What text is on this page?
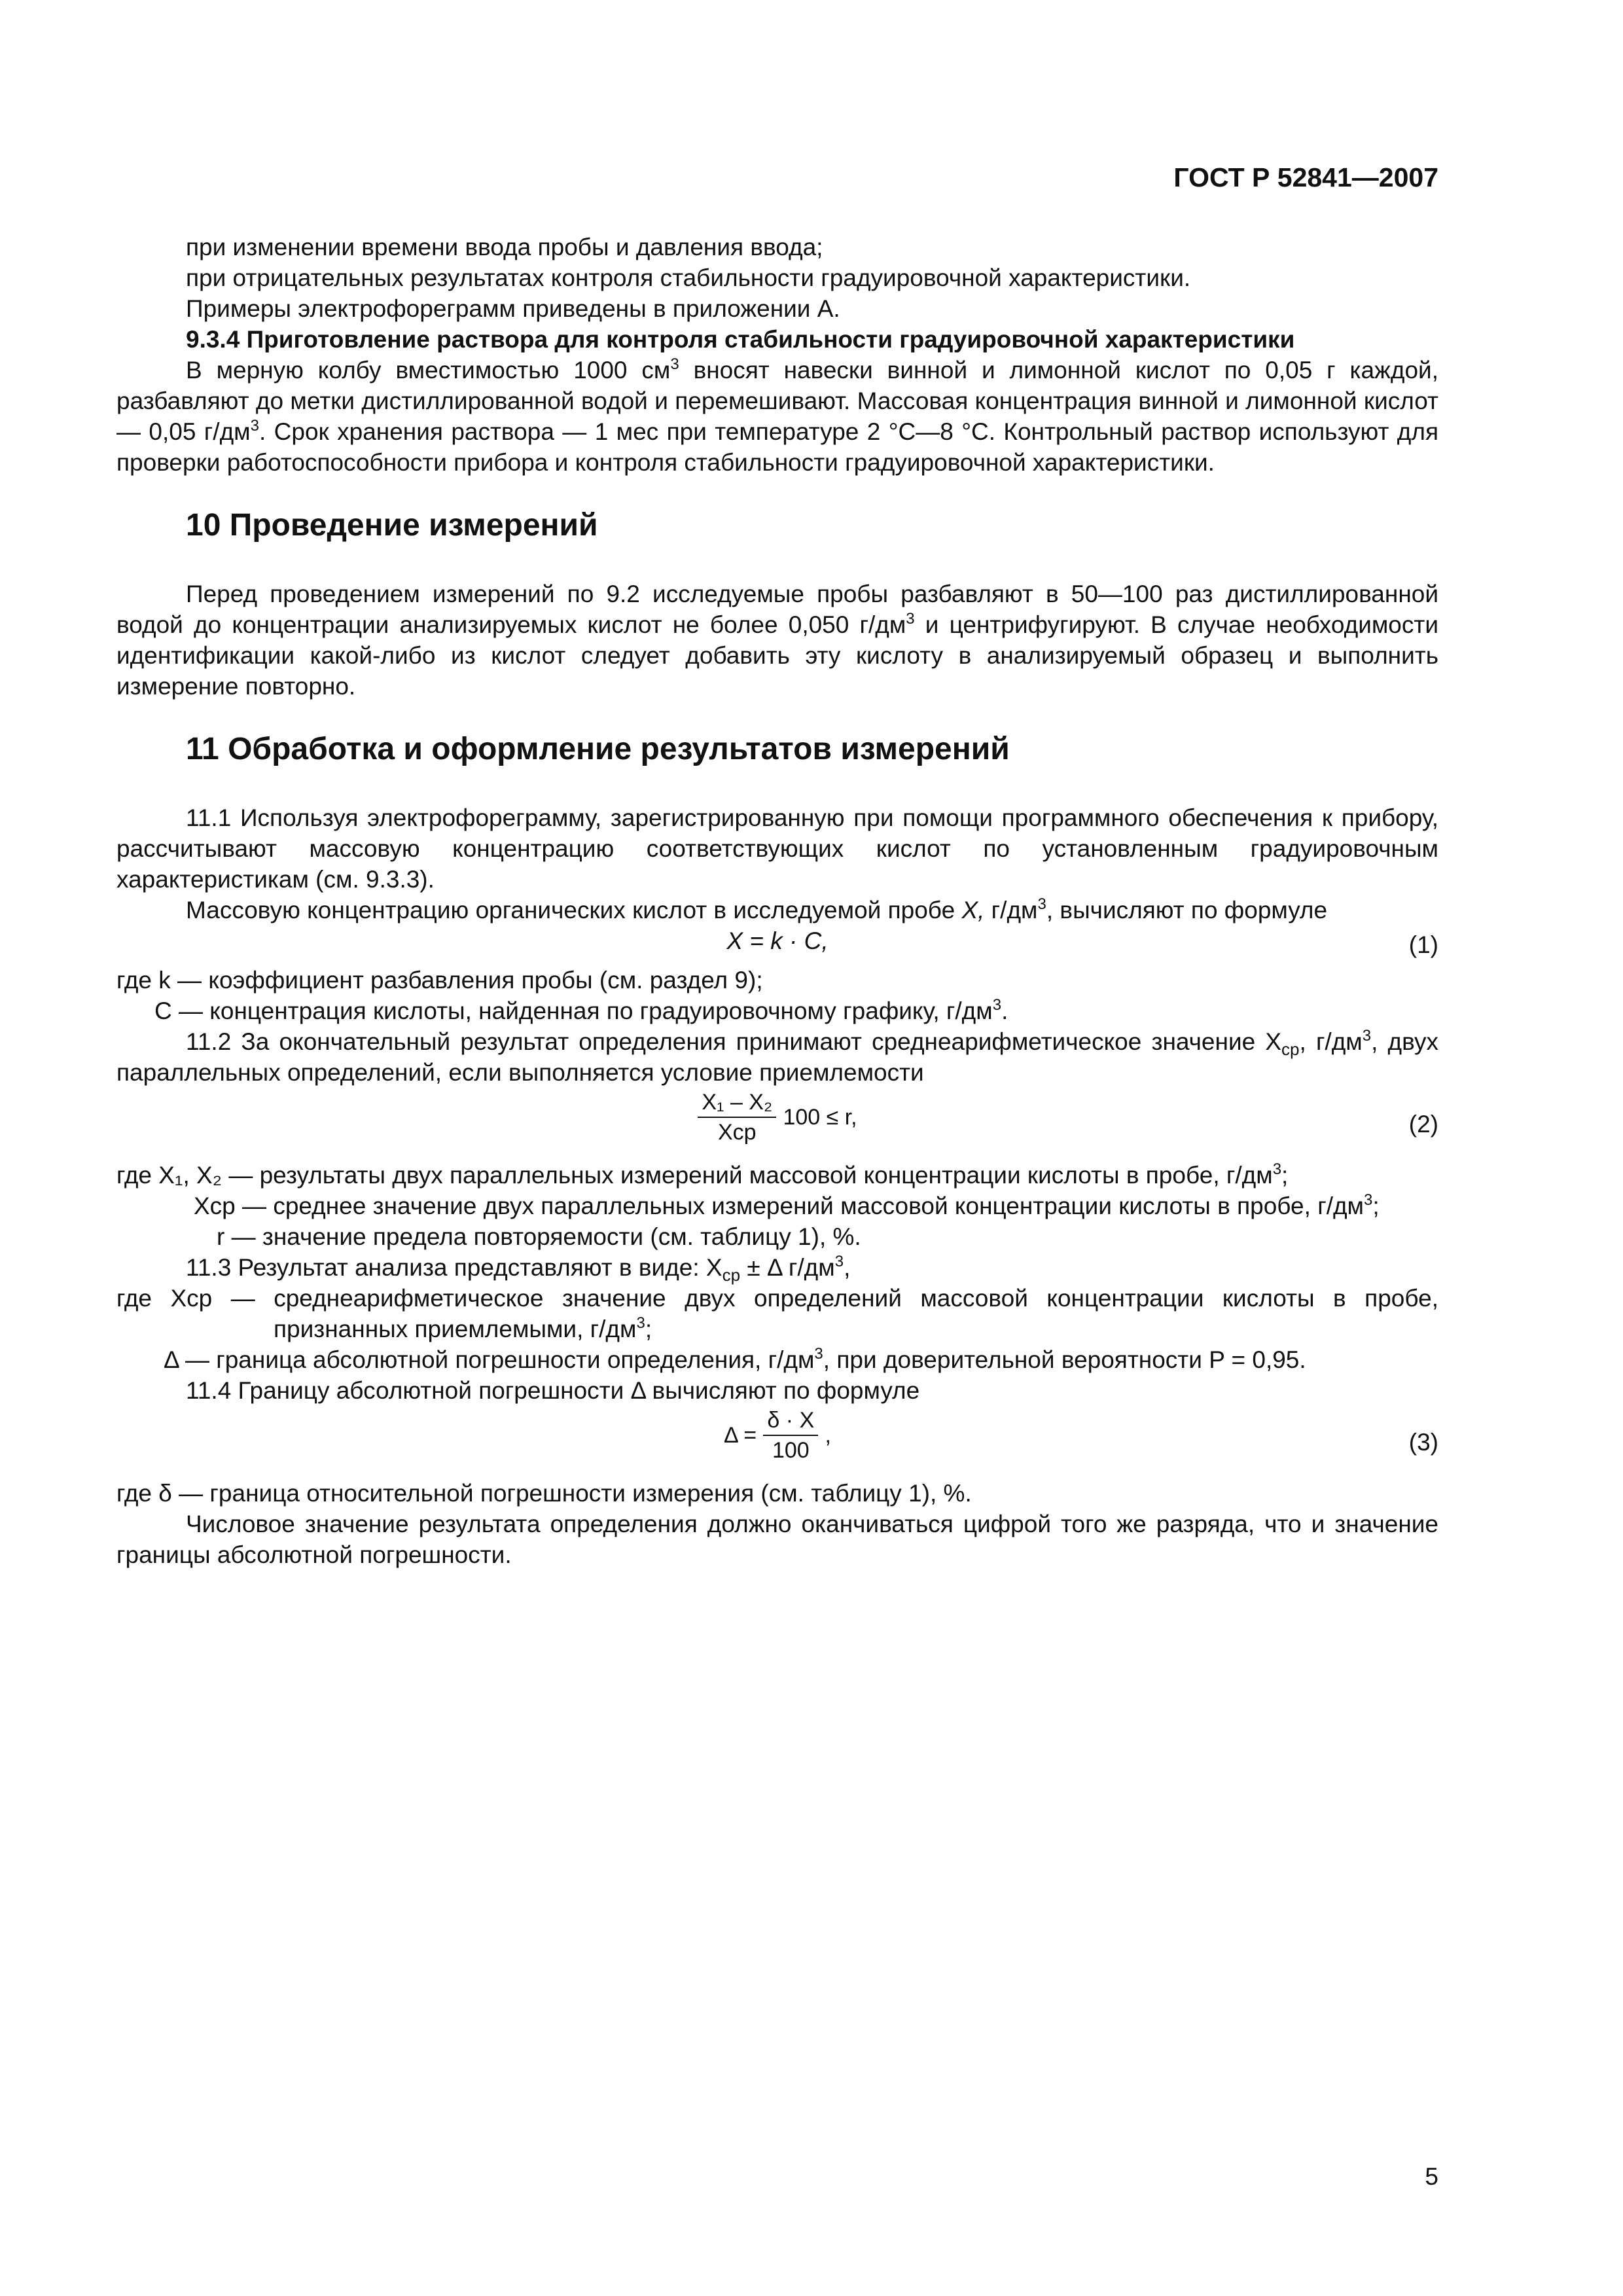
ГОСТ Р 52841—2007

при изменении времени ввода пробы и давления ввода;

при отрицательных результатах контроля стабильности градуировочной характеристики.

Примеры электрофореграмм приведены в приложении А.

9.3.4 Приготовление раствора для контроля стабильности градуировочной характеристики

В мерную колбу вместимостью 1000 $см^3$ вносят навески винной и лимонной кислот по 0,05 г каждой, разбавляют до метки дистиллированной водой и перемешивают. Массовая концентрация винной и лимонной кислот — 0,05 $г/дм^3$. Срок хранения раствора — 1 мес при температуре 2 °С—8 °С. Контрольный раствор используют для проверки работоспособности прибора и контроля стабильности градуировочной характеристики.

10 Проведение измерений

Перед проведением измерений по 9.2 исследуемые пробы разбавляют в 50—100 раз дистиллированной водой до концентрации анализируемых кислот не более 0,050 $г/дм^3$ и центрифугируют. В случае необходимости идентификации какой-либо из кислот следует добавить эту кислоту в анализируемый образец и выполнить измерение повторно.

11 Обработка и оформление результатов измерений

11.1 Используя электрофореграмму, зарегистрированную при помощи программного обеспечения к прибору, рассчитывают массовую концентрацию соответствующих кислот по установленным градуировочным характеристикам (см. 9.3.3).

Массовую концентрацию органических кислот в исследуемой пробе X, $г/дм^3$, вычисляют по формуле

X = k · C,	(1)

где k — коэффициент разбавления пробы (см. раздел 9);

C — концентрация кислоты, найденная по градуировочному графику, $г/дм^3$.

11.2 За окончательный результат определения принимают среднеарифметическое значение $X_{ср}$, $г/дм^3$, двух параллельных определений, если выполняется условие приемлемости

$\frac{\text{X₁ – X₂}}{\text{Xср}} 100 \le r$,	(2)

где X₁, X₂ — результаты двух параллельных измерений массовой концентрации кислоты в пробе, $г/дм^3$;

Xср — среднее значение двух параллельных измерений массовой концентрации кислоты в пробе, $г/дм^3$;

r — значение предела повторяемости (см. таблицу 1), %.

11.3 Результат анализа представляют в виде: $X_{ср} \pm \Delta$ $г/дм^3$,

где Xср — среднеарифметическое значение двух определений массовой концентрации кислоты в пробе, признанных приемлемыми, $г/дм^3$;

Δ — граница абсолютной погрешности определения, $г/дм^3$, при доверительной вероятности P = 0,95.

11.4 Границу абсолютной погрешности Δ вычисляют по формуле

$\Delta = \frac{\delta \cdot X}{100}$ ,	(3)

где δ — граница относительной погрешности измерения (см. таблицу 1), %.

Числовое значение результата определения должно оканчиваться цифрой того же разряда, что и значение границы абсолютной погрешности.

5
